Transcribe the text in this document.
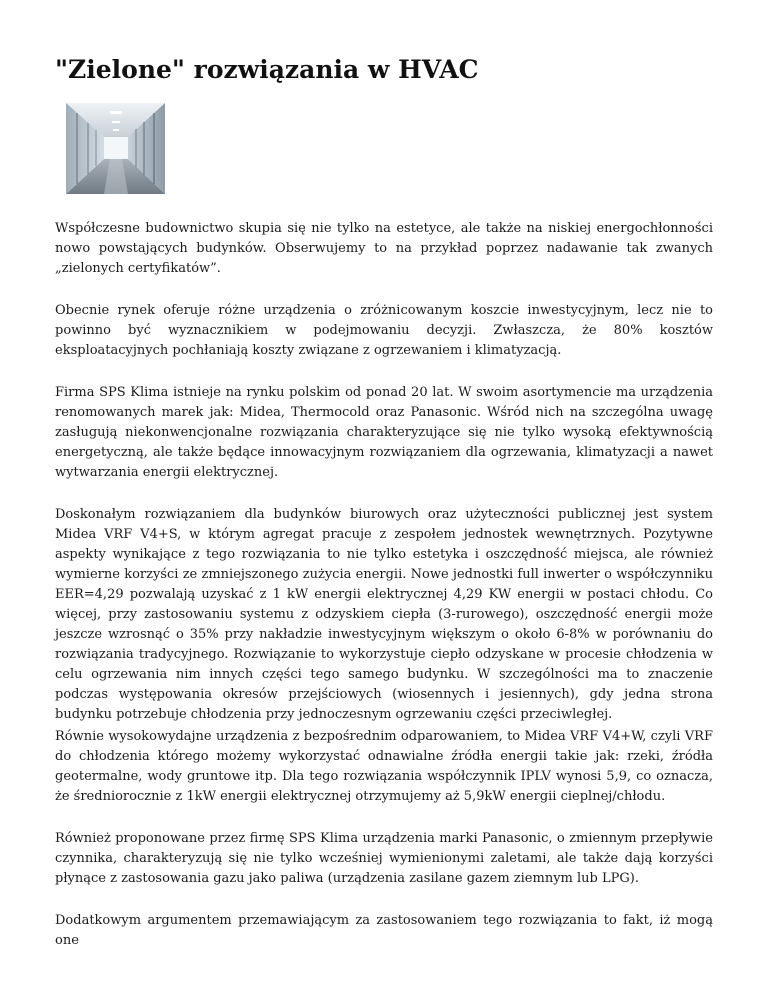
"Zielone" rozwiązania w HVAC

Współczesne budownictwo skupia się nie tylko na estetyce, ale także na niskiej energochłonności nowo powstających budynków. Obserwujemy to na przykład poprzez nadawanie tak zwanych „zielonych certyfikatów”.

Obecnie rynek oferuje różne urządzenia o zróżnicowanym koszcie inwestycyjnym, lecz nie to powinno być wyznacznikiem w podejmowaniu decyzji. Zwłaszcza, że 80% kosztów eksploatacyjnych pochłaniają koszty związane z ogrzewaniem i klimatyzacją.

Firma SPS Klima istnieje na rynku polskim od ponad 20 lat. W swoim asortymencie ma urządzenia renomowanych marek jak: Midea, Thermocold oraz Panasonic. Wśród nich na szczególna uwagę zasługują niekonwencjonalne rozwiązania charakteryzujące się nie tylko wysoką efektywnością energetyczną, ale także będące innowacyjnym rozwiązaniem dla ogrzewania, klimatyzacji a nawet wytwarzania energii elektrycznej.

Doskonałym rozwiązaniem dla budynków biurowych oraz użyteczności publicznej jest system Midea VRF V4+S, w którym agregat pracuje z zespołem jednostek wewnętrznych. Pozytywne aspekty wynikające z tego rozwiązania to nie tylko estetyka i oszczędność miejsca, ale również wymierne korzyści ze zmniejszonego zużycia energii. Nowe jednostki full inwerter o współczynniku EER=4,29 pozwalają uzyskać z 1 kW energii elektrycznej 4,29 KW energii w postaci chłodu. Co więcej, przy zastosowaniu systemu z odzyskiem ciepła (3-rurowego), oszczędność energii może jeszcze wzrosnąć o 35% przy nakładzie inwestycyjnym większym o około 6-8% w porównaniu do rozwiązania tradycyjnego. Rozwiązanie to wykorzystuje ciepło odzyskane w procesie chłodzenia w celu ogrzewania nim innych części tego samego budynku. W szczególności ma to znaczenie podczas występowania okresów przejściowych (wiosennych i jesiennych), gdy jedna strona budynku potrzebuje chłodzenia przy jednoczesnym ogrzewaniu części przeciwległej.

Równie wysokowydajne urządzenia z bezpośrednim odparowaniem, to Midea VRF V4+W, czyli VRF do chłodzenia którego możemy wykorzystać odnawialne źródła energii takie jak: rzeki, źródła geotermalne, wody gruntowe itp. Dla tego rozwiązania współczynnik IPLV wynosi 5,9, co oznacza, że średniorocznie z 1kW energii elektrycznej otrzymujemy aż 5,9kW energii cieplnej/chłodu.

Również proponowane przez firmę SPS Klima urządzenia marki Panasonic, o zmiennym przepływie czynnika, charakteryzują się nie tylko wcześniej wymienionymi zaletami, ale także dają korzyści płynące z zastosowania gazu jako paliwa (urządzenia zasilane gazem ziemnym lub LPG).

Dodatkowym argumentem przemawiającym za zastosowaniem tego rozwiązania to fakt, iż mogą one
